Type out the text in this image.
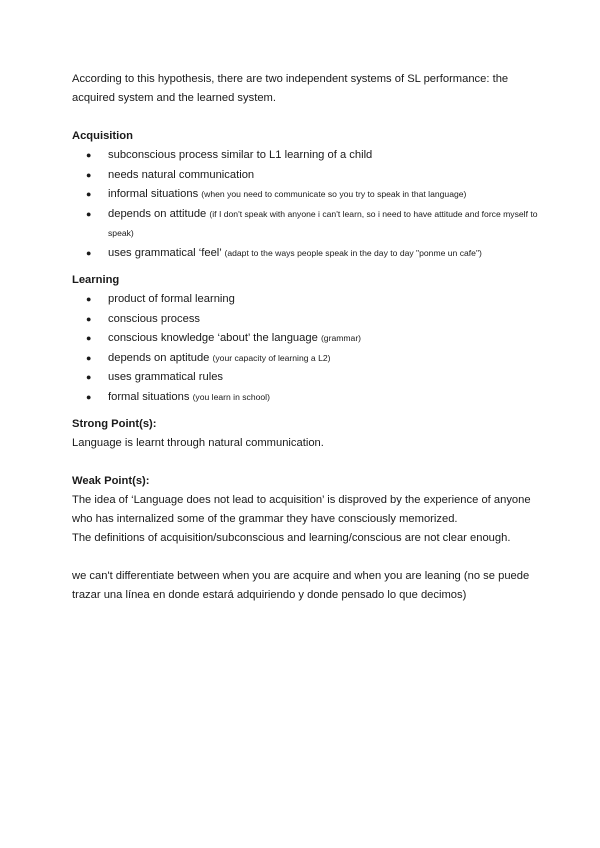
According to this hypothesis, there are two independent systems of SL performance: the acquired system and the learned system.

Acquisition

● subconscious process similar to L1 learning of a child
● needs natural communication
● informal situations (when you need to communicate so you try to speak in that language)
● depends on attitude (if I don't speak with anyone i can't learn, so i need to have attitude and force myself to speak)
● uses grammatical ‘feel’ (adapt to the ways people speak in the day to day "ponme un cafe")

Learning

● product of formal learning
● conscious process
● conscious knowledge ‘about’ the language (grammar)
● depends on aptitude (your capacity of learning a L2)
● uses grammatical rules
● formal situations (you learn in school)

Strong Point(s):

Language is learnt through natural communication.

Weak Point(s):

The idea of ‘Language does not lead to acquisition’ is disproved by the experience of anyone who has internalized some of the grammar they have consciously memorized.

The definitions of acquisition/subconscious and learning/conscious are not clear enough.

we can't differentiate between when you are acquire and when you are leaning (no se puede trazar una línea en donde estará adquiriendo y donde pensado lo que decimos)
